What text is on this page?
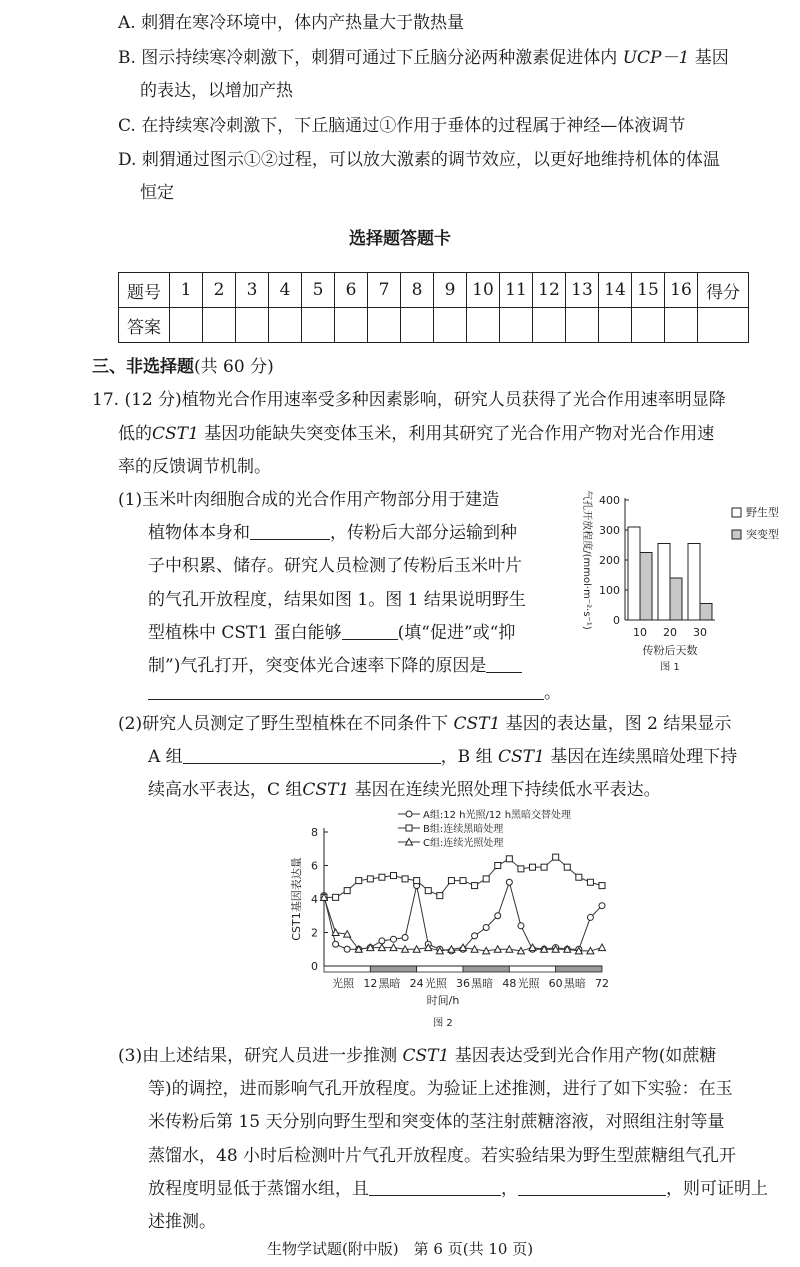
A. 刺猬在寒冷环境中，体内产热量大于散热量
B. 图示持续寒冷刺激下，刺猬可通过下丘脑分泌两种激素促进体内 UCP－1 基因
的表达，以增加产热
C. 在持续寒冷刺激下，下丘脑通过①作用于垂体的过程属于神经—体液调节
D. 刺猬通过图示①②过程，可以放大激素的调节效应，以更好地维持机体的体温
恒定
选择题答题卡
题号	1	2	3	4	5	6	7	8	9	10	11	12	13	14	15	16	得分
答案																	
三、非选择题(共 60 分)
17. (12 分)植物光合作用速率受多种因素影响，研究人员获得了光合作用速率明显降
低的CST1 基因功能缺失突变体玉米，利用其研究了光合作用产物对光合作用速
率的反馈调节机制。
(1)玉米叶肉细胞合成的光合作用产物部分用于建造
植物体本身和	，传粉后大部分运输到种
子中积累、储存。研究人员检测了传粉后玉米叶片
的气孔开放程度，结果如图 1。图 1 结果说明野生
型植株中 CST1 蛋白能够	(填“促进”或“抑
制”)气孔打开，突变体光合速率下降的原因是
。
0
100
200
300
400
气孔开放程度/(mmol·m⁻²·s⁻¹)
10 20 30
传粉后天数
图 1
野生型
突变型
(2)研究人员测定了野生型植株在不同条件下 CST1 基因的表达量，图 2 结果显示
A 组	，B 组 CST1 基因在连续黑暗处理下持
续高水平表达，C 组CST1 基因在连续光照处理下持续低水平表达。
A组:12 h光照/12 h黑暗交替处理
B组:连续黑暗处理
C组:连续光照处理
光照 黑暗 光照 黑暗 光照 黑暗
0
2
4
6
8
12	24	36	48	60	72
CST1基因表达量
时间/h
图 2
(3)由上述结果，研究人员进一步推测 CST1 基因表达受到光合作用产物(如蔗糖
等)的调控，进而影响气孔开放程度。为验证上述推测，进行了如下实验：在玉
米传粉后第 15 天分别向野生型和突变体的茎注射蔗糖溶液，对照组注射等量
蒸馏水，48 小时后检测叶片气孔开放程度。若实验结果为野生型蔗糖组气孔开
放程度明显低于蒸馏水组，且	，	，则可证明上
述推测。
生物学试题(附中版)　第 6 页(共 10 页)
